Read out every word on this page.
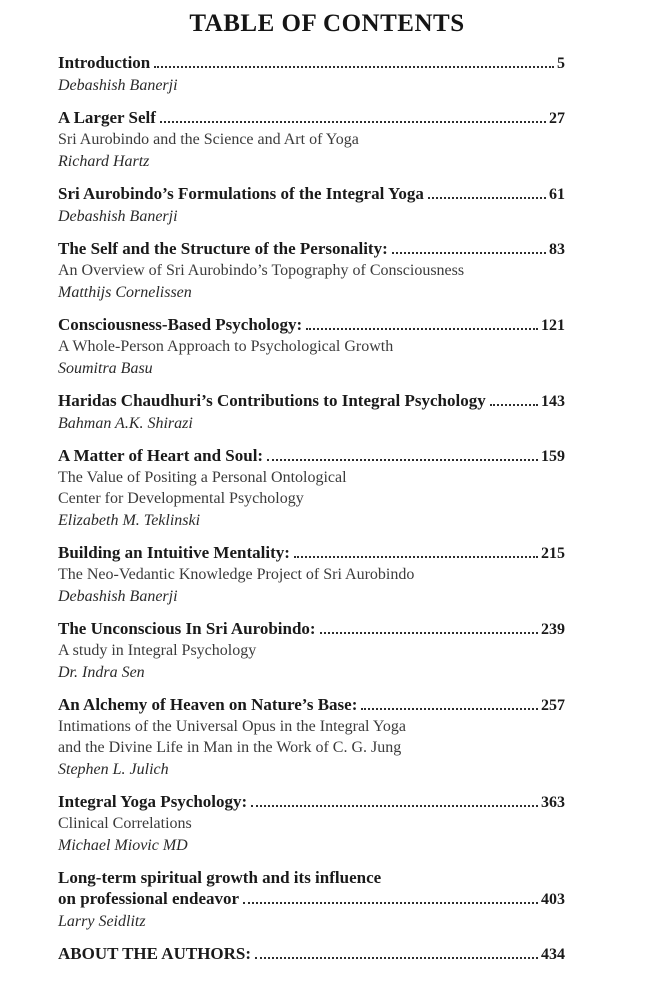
TABLE OF CONTENTS
Introduction	5
Debashish Banerji
A Larger Self	27
Sri Aurobindo and the Science and Art of Yoga
Richard Hartz
Sri Aurobindo’s Formulations of the Integral Yoga	61
Debashish Banerji
The Self and the Structure of the Personality:	83
An Overview of Sri Aurobindo’s Topography of Consciousness
Matthijs Cornelissen
Consciousness-Based Psychology:	121
A Whole-Person Approach to Psychological Growth
Soumitra Basu
Haridas Chaudhuri’s Contributions to Integral Psychology	143
Bahman A.K. Shirazi
A Matter of Heart and Soul:	159
The Value of Positing a Personal Ontological
Center for Developmental Psychology
Elizabeth M. Teklinski
Building an Intuitive Mentality:	215
The Neo-Vedantic Knowledge Project of Sri Aurobindo
Debashish Banerji
The Unconscious In Sri Aurobindo:	239
A study in Integral Psychology
Dr. Indra Sen
An Alchemy of Heaven on Nature’s Base:	257
Intimations of the Universal Opus in the Integral Yoga
and the Divine Life in Man in the Work of C. G. Jung
Stephen L. Julich
Integral Yoga Psychology:	363
Clinical Correlations
Michael Miovic MD
Long-term spiritual growth and its influence
on professional endeavor	403
Larry Seidlitz
ABOUT THE AUTHORS:	434
